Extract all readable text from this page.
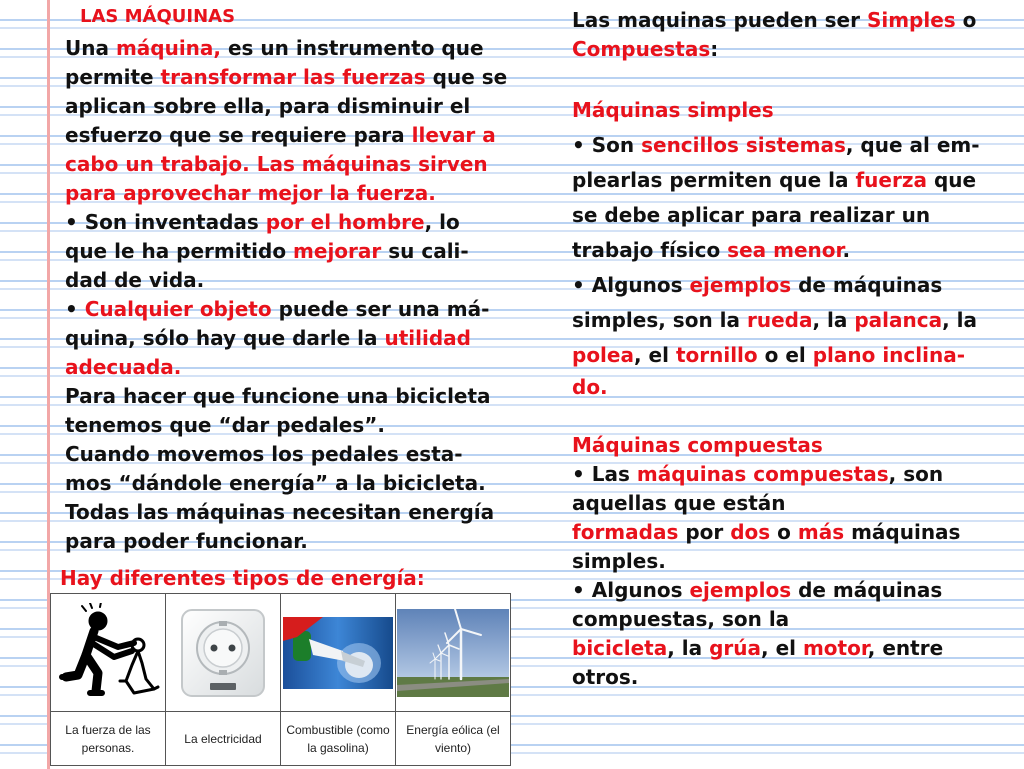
LAS MÁQUINAS
Una máquina, es un instrumento que
permite transformar las fuerzas que se
aplican sobre ella, para disminuir el
esfuerzo que se requiere para llevar a
cabo un trabajo. Las máquinas sirven
para aprovechar mejor la fuerza.
• Son inventadas por el hombre, lo
que le ha permitido mejorar su cali-
dad de vida.
• Cualquier objeto puede ser una má-
quina, sólo hay que darle la utilidad
adecuada.
Para hacer que funcione una bicicleta
tenemos que “dar pedales”.
Cuando movemos los pedales esta-
mos “dándole energía” a la bicicleta.
Todas las máquinas necesitan energía
para poder funcionar.
Hay diferentes tipos de energía:
Las maquinas pueden ser Simples o
Compuestas:
Máquinas simples
• Son sencillos sistemas, que al em-
plearlas permiten que la fuerza que
se debe aplicar para realizar un
trabajo físico sea menor.
• Algunos ejemplos de máquinas
simples, son la rueda, la palanca, la
polea, el tornillo o el plano inclina-
do.
Máquinas compuestas
• Las máquinas compuestas, son
aquellas que están
formadas por dos o más máquinas
simples.
• Algunos ejemplos de máquinas
compuestas, son la
bicicleta, la grúa, el motor, entre
otros.

La fuerza de las
personas.	La electricidad	Combustible (como
la gasolina)	Energía eólica (el
viento)
